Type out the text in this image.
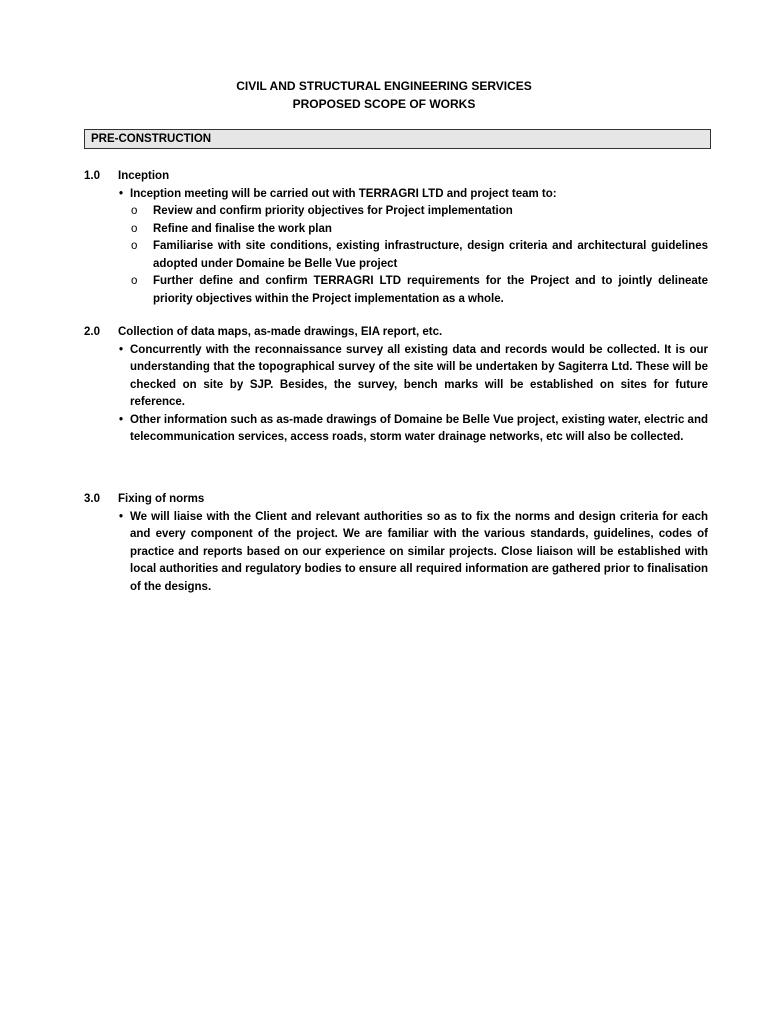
CIVIL AND STRUCTURAL ENGINEERING SERVICES
PROPOSED SCOPE OF WORKS
PRE-CONSTRUCTION
1.0 Inception
• Inception meeting will be carried out with TERRAGRI LTD and project team to:
o Review and confirm priority objectives for Project implementation
o Refine and finalise the work plan
o Familiarise with site conditions, existing infrastructure, design criteria and architectural guidelines adopted under Domaine be Belle Vue project
o Further define and confirm TERRAGRI LTD requirements for the Project and to jointly delineate priority objectives within the Project implementation as a whole.
2.0 Collection of data maps, as-made drawings, EIA report, etc.
• Concurrently with the reconnaissance survey all existing data and records would be collected. It is our understanding that the topographical survey of the site will be undertaken by Sagiterra Ltd. These will be checked on site by SJP. Besides, the survey, bench marks will be established on sites for future reference.
• Other information such as as-made drawings of Domaine be Belle Vue project, existing water, electric and telecommunication services, access roads, storm water drainage networks, etc will also be collected.
3.0 Fixing of norms
• We will liaise with the Client and relevant authorities so as to fix the norms and design criteria for each and every component of the project. We are familiar with the various standards, guidelines, codes of practice and reports based on our experience on similar projects. Close liaison will be established with local authorities and regulatory bodies to ensure all required information are gathered prior to finalisation of the designs.
